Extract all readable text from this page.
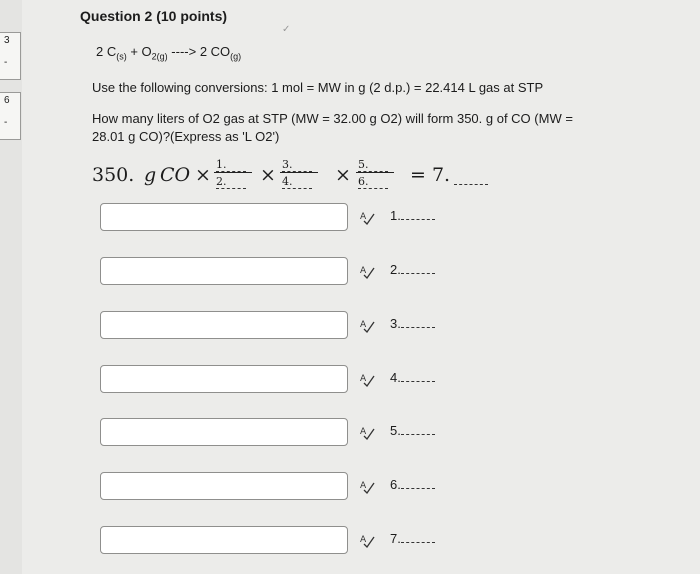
3
-
6
-
Question 2 (10 points)
✓
2 $C_{(s)} + O_{2(g)}$ ----> 2 $CO_{(g)}$
Use the following conversions: 1 mol = MW in g (2 d.p.) = 22.414 L gas at STP
How many liters of O2 gas at STP (MW = 32.00 g O2) will form 350. g of CO (MW =
28.01 g CO)?(Express as 'L O2')
350. g CO × $\frac{1.}{2.} \times \frac{3.}{4.} \times \frac{5.}{6.} = 7$.
A 1.
A 2.
A 3.
A 4.
A 5.
A 6.
A 7.
